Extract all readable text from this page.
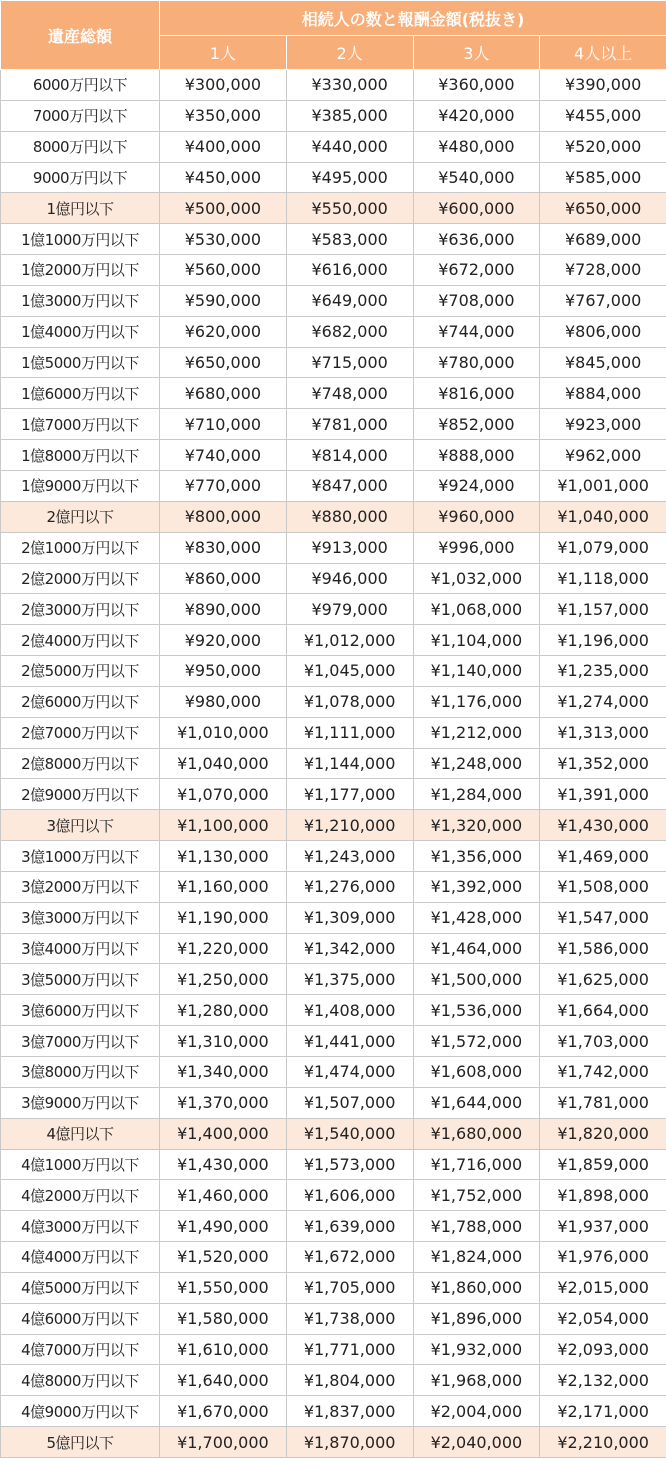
遺産総額	相続人の数と報酬金額(税抜き)			
	1人	2人	3人	4人以上
6000万円以下	¥300,000	¥330,000	¥360,000	¥390,000
7000万円以下	¥350,000	¥385,000	¥420,000	¥455,000
8000万円以下	¥400,000	¥440,000	¥480,000	¥520,000
9000万円以下	¥450,000	¥495,000	¥540,000	¥585,000
1億円以下	¥500,000	¥550,000	¥600,000	¥650,000
1億1000万円以下	¥530,000	¥583,000	¥636,000	¥689,000
1億2000万円以下	¥560,000	¥616,000	¥672,000	¥728,000
1億3000万円以下	¥590,000	¥649,000	¥708,000	¥767,000
1億4000万円以下	¥620,000	¥682,000	¥744,000	¥806,000
1億5000万円以下	¥650,000	¥715,000	¥780,000	¥845,000
1億6000万円以下	¥680,000	¥748,000	¥816,000	¥884,000
1億7000万円以下	¥710,000	¥781,000	¥852,000	¥923,000
1億8000万円以下	¥740,000	¥814,000	¥888,000	¥962,000
1億9000万円以下	¥770,000	¥847,000	¥924,000	¥1,001,000
2億円以下	¥800,000	¥880,000	¥960,000	¥1,040,000
2億1000万円以下	¥830,000	¥913,000	¥996,000	¥1,079,000
2億2000万円以下	¥860,000	¥946,000	¥1,032,000	¥1,118,000
2億3000万円以下	¥890,000	¥979,000	¥1,068,000	¥1,157,000
2億4000万円以下	¥920,000	¥1,012,000	¥1,104,000	¥1,196,000
2億5000万円以下	¥950,000	¥1,045,000	¥1,140,000	¥1,235,000
2億6000万円以下	¥980,000	¥1,078,000	¥1,176,000	¥1,274,000
2億7000万円以下	¥1,010,000	¥1,111,000	¥1,212,000	¥1,313,000
2億8000万円以下	¥1,040,000	¥1,144,000	¥1,248,000	¥1,352,000
2億9000万円以下	¥1,070,000	¥1,177,000	¥1,284,000	¥1,391,000
3億円以下	¥1,100,000	¥1,210,000	¥1,320,000	¥1,430,000
3億1000万円以下	¥1,130,000	¥1,243,000	¥1,356,000	¥1,469,000
3億2000万円以下	¥1,160,000	¥1,276,000	¥1,392,000	¥1,508,000
3億3000万円以下	¥1,190,000	¥1,309,000	¥1,428,000	¥1,547,000
3億4000万円以下	¥1,220,000	¥1,342,000	¥1,464,000	¥1,586,000
3億5000万円以下	¥1,250,000	¥1,375,000	¥1,500,000	¥1,625,000
3億6000万円以下	¥1,280,000	¥1,408,000	¥1,536,000	¥1,664,000
3億7000万円以下	¥1,310,000	¥1,441,000	¥1,572,000	¥1,703,000
3億8000万円以下	¥1,340,000	¥1,474,000	¥1,608,000	¥1,742,000
3億9000万円以下	¥1,370,000	¥1,507,000	¥1,644,000	¥1,781,000
4億円以下	¥1,400,000	¥1,540,000	¥1,680,000	¥1,820,000
4億1000万円以下	¥1,430,000	¥1,573,000	¥1,716,000	¥1,859,000
4億2000万円以下	¥1,460,000	¥1,606,000	¥1,752,000	¥1,898,000
4億3000万円以下	¥1,490,000	¥1,639,000	¥1,788,000	¥1,937,000
4億4000万円以下	¥1,520,000	¥1,672,000	¥1,824,000	¥1,976,000
4億5000万円以下	¥1,550,000	¥1,705,000	¥1,860,000	¥2,015,000
4億6000万円以下	¥1,580,000	¥1,738,000	¥1,896,000	¥2,054,000
4億7000万円以下	¥1,610,000	¥1,771,000	¥1,932,000	¥2,093,000
4億8000万円以下	¥1,640,000	¥1,804,000	¥1,968,000	¥2,132,000
4億9000万円以下	¥1,670,000	¥1,837,000	¥2,004,000	¥2,171,000
5億円以下	¥1,700,000	¥1,870,000	¥2,040,000	¥2,210,000
